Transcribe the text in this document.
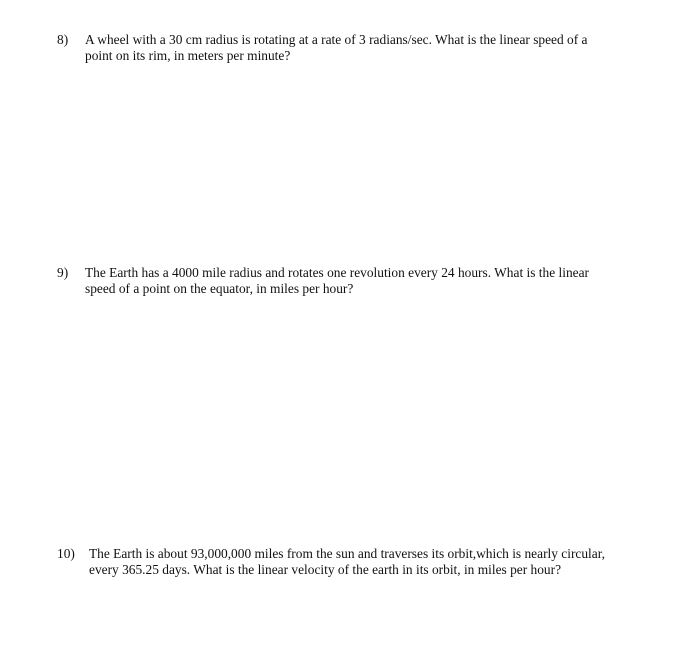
8) A wheel with a 30 cm radius is rotating at a rate of 3 radians/sec. What is the linear speed of a
point on its rim, in meters per minute?
9) The Earth has a 4000 mile radius and rotates one revolution every 24 hours. What is the linear
speed of a point on the equator, in miles per hour?
10) The Earth is about 93,000,000 miles from the sun and traverses its orbit,which is nearly circular,
every 365.25 days. What is the linear velocity of the earth in its orbit, in miles per hour?
